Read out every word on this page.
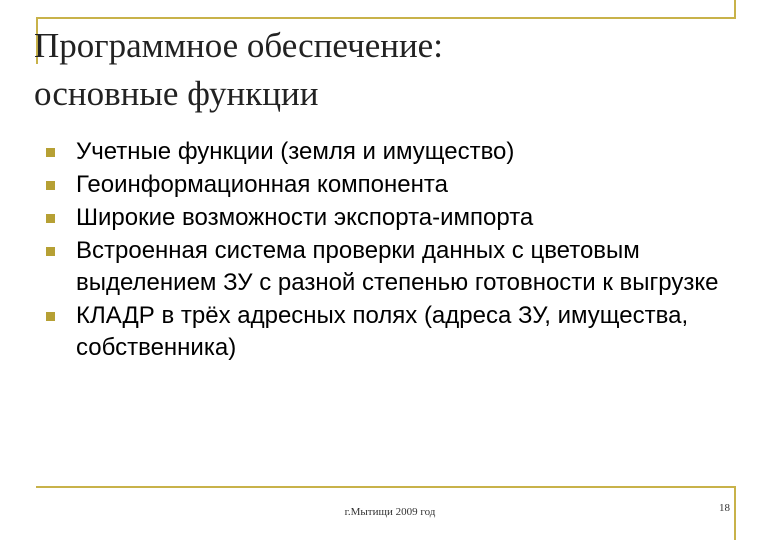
Программное обеспечение:
основные функции
Учетные функции (земля и имущество)
Геоинформационная компонента
Широкие возможности экспорта-импорта
Встроенная система проверки данных с цветовым выделением ЗУ с разной степенью готовности к выгрузке
КЛАДР в трёх адресных полях (адреса ЗУ, имущества, собственника)
г.Мытищи 2009 год	18
